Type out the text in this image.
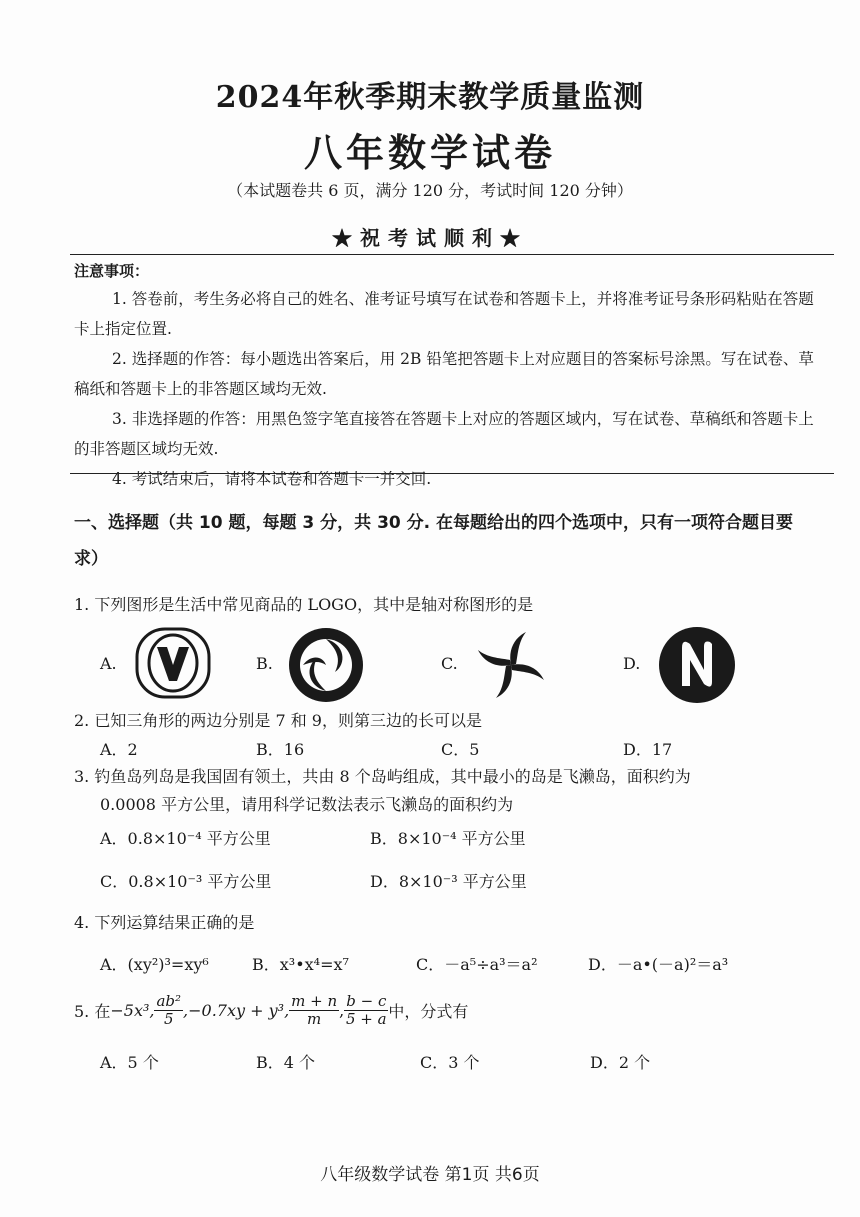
2024年秋季期末教学质量监测
八年数学试卷
（本试题卷共 6 页，满分 120 分，考试时间 120 分钟）
★祝考试顺利★
注意事项：

1. 答卷前，考生务必将自己的姓名、准考证号填写在试卷和答题卡上，并将准考证号条形码粘贴在答题卡上指定位置.

2. 选择题的作答：每小题选出答案后，用 2B 铅笔把答题卡上对应题目的答案标号涂黑。写在试卷、草稿纸和答题卡上的非答题区域均无效.

3. 非选择题的作答：用黑色签字笔直接答在答题卡上对应的答题区域内，写在试卷、草稿纸和答题卡上的非答题区域均无效.

4. 考试结束后，请将本试卷和答题卡一并交回.

一、选择题（共 10 题，每题 3 分，共 30 分. 在每题给出的四个选项中，只有一项符合题目要求）
1. 下列图形是生活中常见商品的 LOGO，其中是轴对称图形的是
A.	B.	C.	D.
2. 已知三角形的两边分别是 7 和 9，则第三边的长可以是
A．2	B．16	C．5	D．17
3. 钓鱼岛列岛是我国固有领土，共由 8 个岛屿组成，其中最小的岛是飞濑岛，面积约为
0.0008 平方公里，请用科学记数法表示飞濑岛的面积约为
A．0.8×10⁻⁴ 平方公里	B．8×10⁻⁴ 平方公里
C．0.8×10⁻³ 平方公里	D．8×10⁻³ 平方公里
4. 下列运算结果正确的是
A．(xy²)³=xy⁶	B．x³•x⁴=x⁷	C．－a⁵÷a³＝a²	D．－a•(－a)²＝a³
5. 在 −5x³, $\frac{\text{ab²}}{5} ,-0.7xy + y^3$, $\frac{m + n}{m}$ , $\frac{b - c}{5 + a}$ 中，分式有
A．5 个	B．4 个	C．3 个	D．2 个
八年级数学试卷 第1页 共6页
